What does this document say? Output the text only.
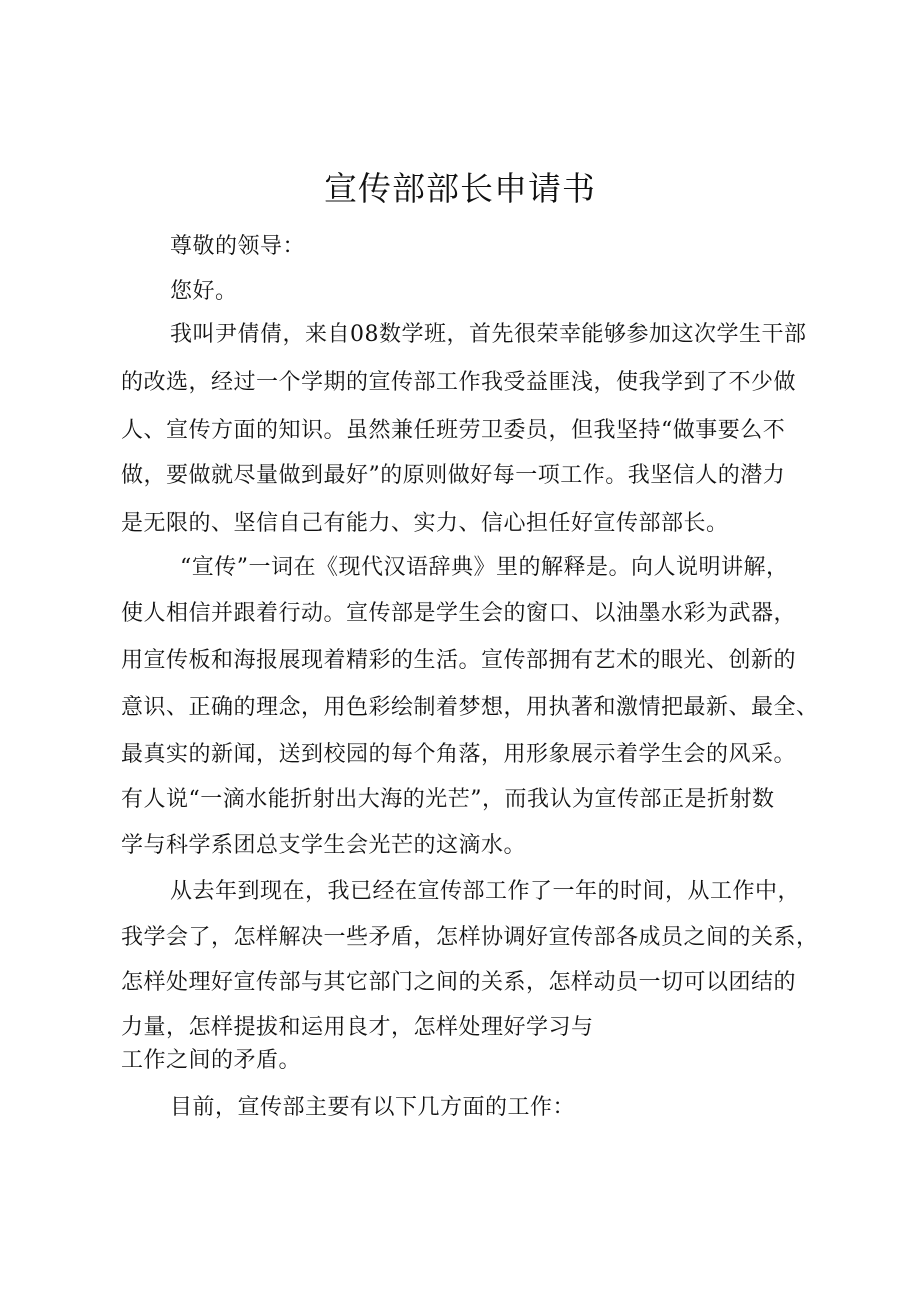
宣传部部长申请书

尊敬的领导：

您好。

我叫尹倩倩，来自08数学班，首先很荣幸能够参加这次学生干部

的改选，经过一个学期的宣传部工作我受益匪浅，使我学到了不少做

人、宣传方面的知识。虽然兼任班劳卫委员，但我坚持“做事要么不

做，要做就尽量做到最好”的原则做好每一项工作。我坚信人的潜力

是无限的、坚信自己有能力、实力、信心担任好宣传部部长。

“宣传”一词在《现代汉语辞典》里的解释是。向人说明讲解，

使人相信并跟着行动。宣传部是学生会的窗口、以油墨水彩为武器，

用宣传板和海报展现着精彩的生活。宣传部拥有艺术的眼光、创新的

意识、正确的理念，用色彩绘制着梦想，用执著和激情把最新、最全、

最真实的新闻，送到校园的每个角落，用形象展示着学生会的风采。

有人说“一滴水能折射出大海的光芒”，而我认为宣传部正是折射数

学与科学系团总支学生会光芒的这滴水。

从去年到现在，我已经在宣传部工作了一年的时间，从工作中，

我学会了，怎样解决一些矛盾，怎样协调好宣传部各成员之间的关系，

怎样处理好宣传部与其它部门之间的关系，怎样动员一切可以团结的

力量，怎样提拔和运用良才，怎样处理好学习与

工作之间的矛盾。

目前，宣传部主要有以下几方面的工作：
